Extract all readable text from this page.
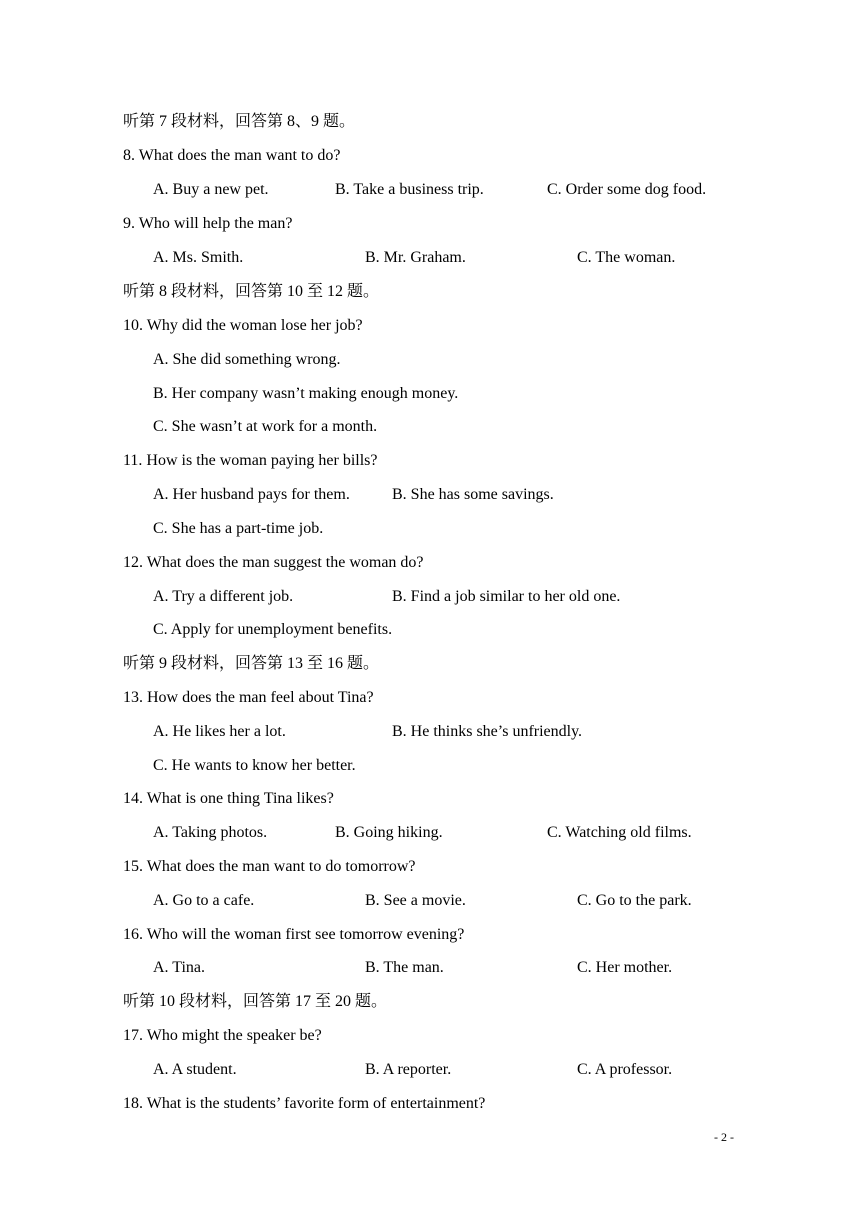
听第 7 段材料，回答第 8、9 题。
8. What does the man want to do?
A. Buy a new pet.	B. Take a business trip.	C. Order some dog food.
9. Who will help the man?
A. Ms. Smith.	B. Mr. Graham.	C. The woman.
听第 8 段材料，回答第 10 至 12 题。
10. Why did the woman lose her job?
A. She did something wrong.
B. Her company wasn’t making enough money.
C. She wasn’t at work for a month.
11. How is the woman paying her bills?
A. Her husband pays for them.	B. She has some savings.
C. She has a part-time job.
12. What does the man suggest the woman do?
A. Try a different job.	B. Find a job similar to her old one.
C. Apply for unemployment benefits.
听第 9 段材料，回答第 13 至 16 题。
13. How does the man feel about Tina?
A. He likes her a lot.	B. He thinks she’s unfriendly.
C. He wants to know her better.
14. What is one thing Tina likes?
A. Taking photos.	B. Going hiking.	C. Watching old films.
15. What does the man want to do tomorrow?
A. Go to a cafe.	B. See a movie.	C. Go to the park.
16. Who will the woman first see tomorrow evening?
A. Tina.	B. The man.	C. Her mother.
听第 10 段材料，回答第 17 至 20 题。
17. Who might the speaker be?
A. A student.	B. A reporter.	C. A professor.
18. What is the students’ favorite form of entertainment?
- 2 -
